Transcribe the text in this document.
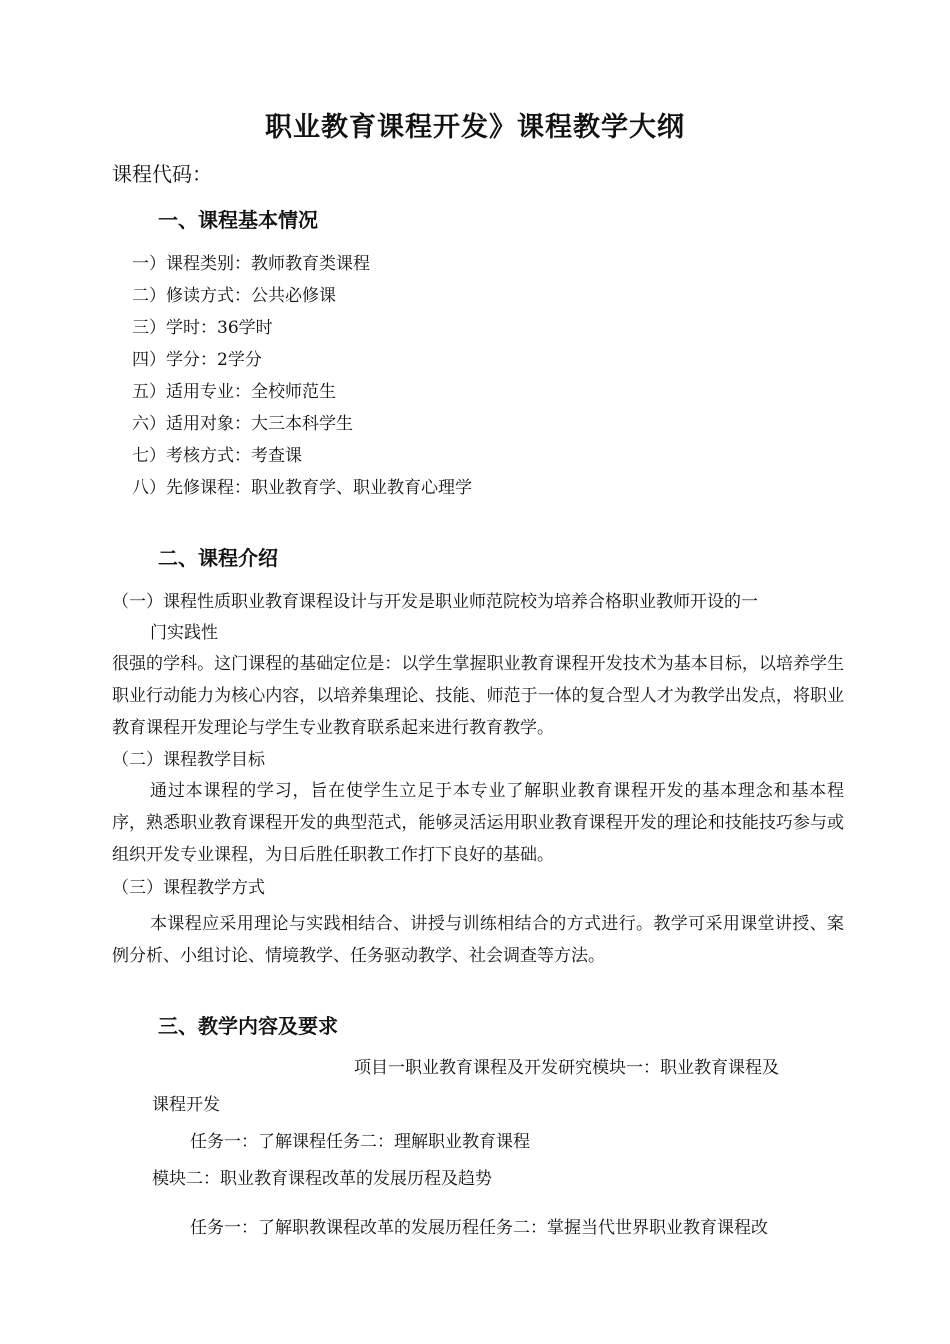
职业教育课程开发》课程教学大纲
课程代码：
一、课程基本情况
一）课程类别：教师教育类课程
二）修读方式：公共必修课
三）学时：36学时
四）学分：2学分
五）适用专业：全校师范生
六）适用对象：大三本科学生
七）考核方式：考查课
八）先修课程：职业教育学、职业教育心理学
二、课程介绍
（一）课程性质职业教育课程设计与开发是职业师范院校为培养合格职业教师开设的一
门实践性
很强的学科。这门课程的基础定位是：以学生掌握职业教育课程开发技术为基本目标，以培养学生职业行动能力为核心内容，以培养集理论、技能、师范于一体的复合型人才为教学出发点，将职业教育课程开发理论与学生专业教育联系起来进行教育教学。
（二）课程教学目标
通过本课程的学习，旨在使学生立足于本专业了解职业教育课程开发的基本理念和基本程序，熟悉职业教育课程开发的典型范式，能够灵活运用职业教育课程开发的理论和技能技巧参与或组织开发专业课程，为日后胜任职教工作打下良好的基础。
（三）课程教学方式
本课程应采用理论与实践相结合、讲授与训练相结合的方式进行。教学可采用课堂讲授、案例分析、小组讨论、情境教学、任务驱动教学、社会调查等方法。
三、教学内容及要求
项目一职业教育课程及开发研究模块一：职业教育课程及
课程开发
任务一：了解课程任务二：理解职业教育课程
模块二：职业教育课程改革的发展历程及趋势
任务一：了解职教课程改革的发展历程任务二：掌握当代世界职业教育课程改
